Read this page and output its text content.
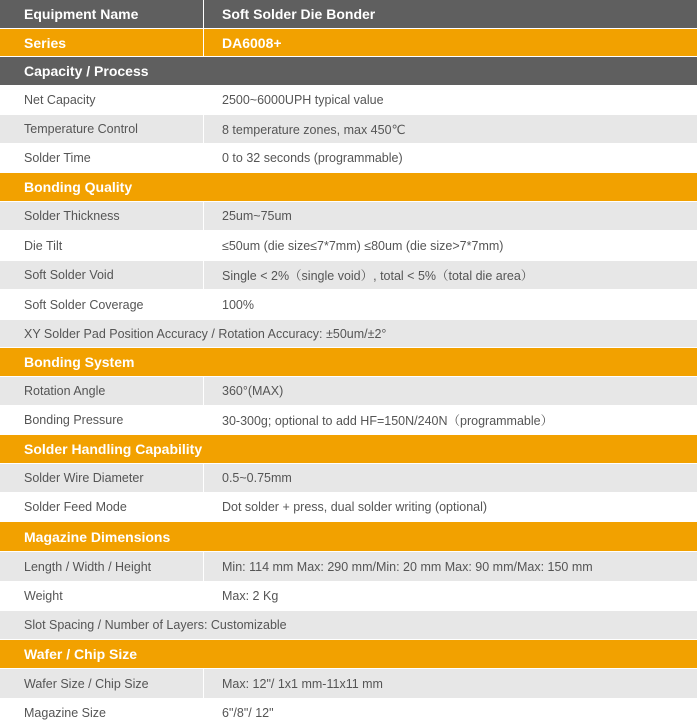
Equipment Name	Soft Solder Die Bonder
Series	DA6008+
Capacity / Process
Net Capacity	2500~6000UPH typical value
Temperature Control	8 temperature zones, max 450℃
Solder Time	0 to 32 seconds (programmable)
Bonding Quality
Solder Thickness	25um~75um
Die Tilt	≤50um (die size≤7*7mm) ≤80um (die size>7*7mm)
Soft Solder Void	Single < 2%（single void）, total < 5%（total die area）
Soft Solder Coverage	100%
XY Solder Pad Position Accuracy / Rotation Accuracy: ±50um/±2°
Bonding System
Rotation Angle	360°(MAX)
Bonding Pressure	30-300g; optional to add HF=150N/240N（programmable）
Solder Handling Capability
Solder Wire Diameter	0.5~0.75mm
Solder Feed Mode	Dot solder + press, dual solder writing (optional)
Magazine Dimensions
Length / Width / Height	Min: 114 mm Max: 290 mm/Min: 20 mm Max: 90 mm/Max: 150 mm
Weight	Max: 2 Kg
Slot Spacing / Number of Layers: Customizable
Wafer / Chip Size
Wafer Size / Chip Size	Max: 12"/ 1x1 mm-11x11 mm
Magazine Size	6"/8"/ 12"
